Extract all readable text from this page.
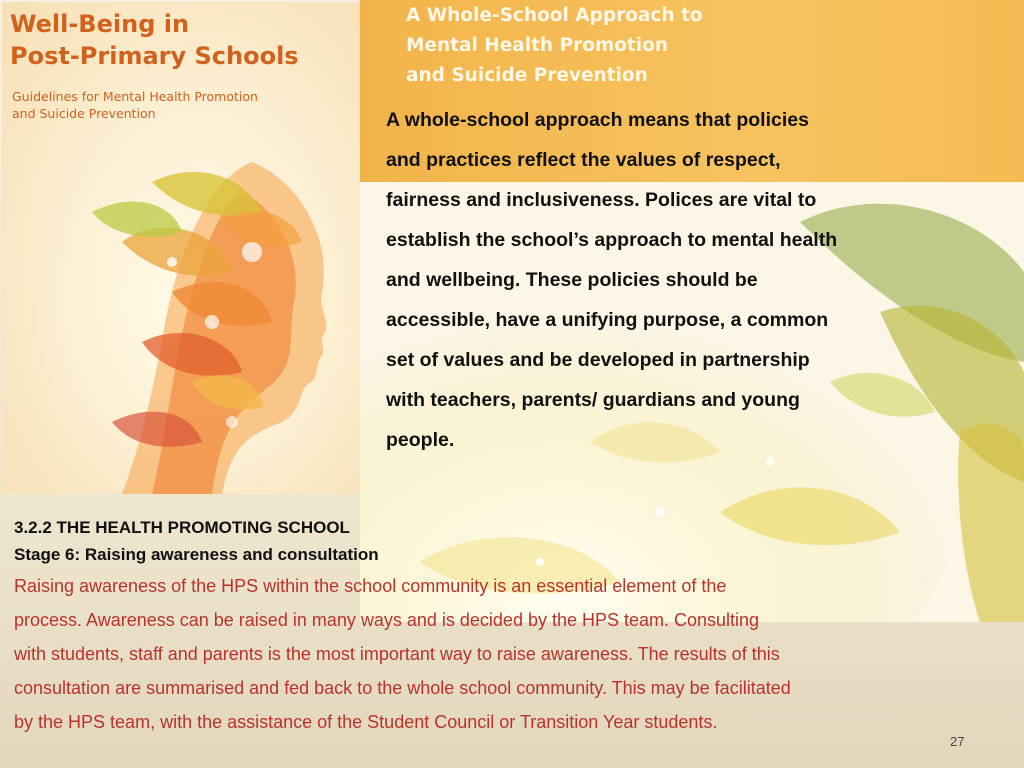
Well-Being in
Post-Primary Schools

Guidelines for Mental Health Promotion
and Suicide Prevention

A Whole-School Approach to
Mental Health Promotion
and Suicide Prevention

A whole-school approach means that policies
and practices reflect the values of respect,
fairness and inclusiveness. Polices are vital to
establish the school’s approach to mental health
and wellbeing. These policies should be
accessible, have a unifying purpose, a common
set of values and be developed in partnership
with teachers, parents/ guardians and young
people.

3.2.2 THE HEALTH PROMOTING SCHOOL
Stage 6: Raising awareness and consultation

Raising awareness of the HPS within the school community is an essential element of the
process. Awareness can be raised in many ways and is decided by the HPS team. Consulting
with students, staff and parents is the most important way to raise awareness. The results of this
consultation are summarised and fed back to the whole school community. This may be facilitated
by the HPS team, with the assistance of the Student Council or Transition Year students.

27
